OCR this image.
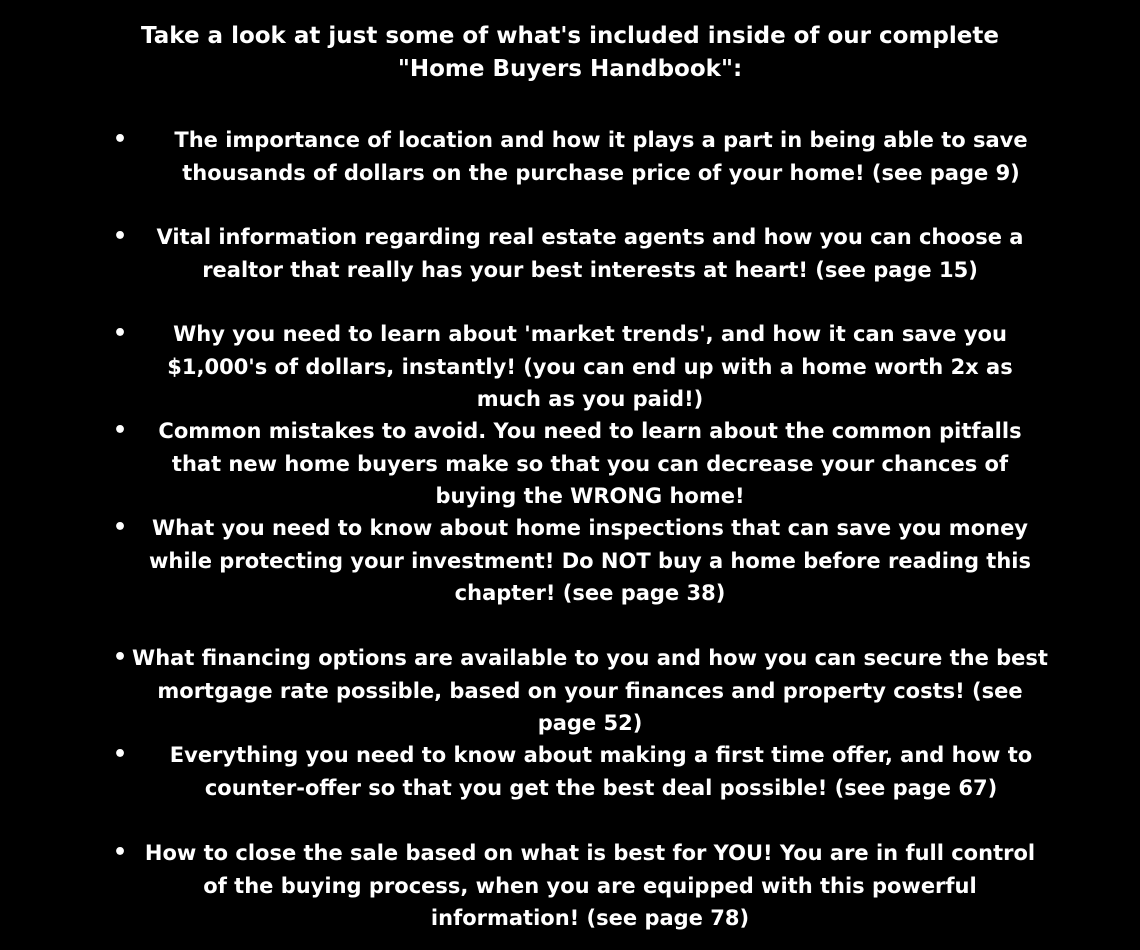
Take a look at just some of what's included inside of our complete "Home Buyers Handbook":

•	The importance of location and how it plays a part in being able to save thousands of dollars on the purchase price of your home! (see page 9)
•	Vital information regarding real estate agents and how you can choose a realtor that really has your best interests at heart! (see page 15)
•	Why you need to learn about 'market trends', and how it can save you $1,000's of dollars, instantly! (you can end up with a home worth 2x as much as you paid!)
•	Common mistakes to avoid. You need to learn about the common pitfalls that new home buyers make so that you can decrease your chances of buying the WRONG home!
•	What you need to know about home inspections that can save you money while protecting your investment! Do NOT buy a home before reading this chapter! (see page 38)
• What financing options are available to you and how you can secure the best mortgage rate possible, based on your finances and property costs! (see page 52)
•	Everything you need to know about making a first time offer, and how to counter-offer so that you get the best deal possible! (see page 67)
• How to close the sale based on what is best for YOU! You are in full control of the buying process, when you are equipped with this powerful information! (see page 78)
